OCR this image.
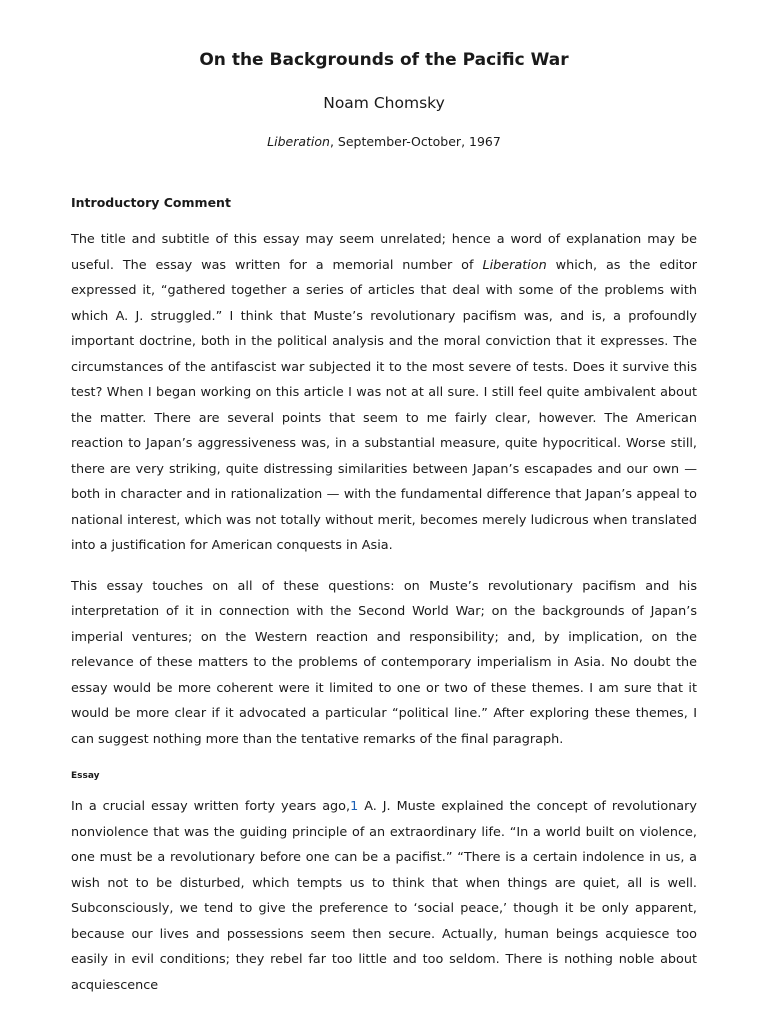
On the Backgrounds of the Pacific War
Noam Chomsky
Liberation, September-October, 1967
Introductory Comment

The title and subtitle of this essay may seem unrelated; hence a word of explanation may be useful. The essay was written for a memorial number of Liberation which, as the editor expressed it, “gathered together a series of articles that deal with some of the problems with which A. J. struggled.” I think that Muste’s revolutionary pacifism was, and is, a profoundly important doctrine, both in the political analysis and the moral conviction that it expresses. The circumstances of the antifascist war subjected it to the most severe of tests. Does it survive this test? When I began working on this article I was not at all sure. I still feel quite ambivalent about the matter. There are several points that seem to me fairly clear, however. The American reaction to Japan’s aggressiveness was, in a substantial measure, quite hypocritical. Worse still, there are very striking, quite distressing similarities between Japan’s escapades and our own — both in character and in rationalization — with the fundamental difference that Japan’s appeal to national interest, which was not totally without merit, becomes merely ludicrous when translated into a justification for American conquests in Asia.

This essay touches on all of these questions: on Muste’s revolutionary pacifism and his interpretation of it in connection with the Second World War; on the backgrounds of Japan’s imperial ventures; on the Western reaction and responsibility; and, by implication, on the relevance of these matters to the problems of contemporary imperialism in Asia. No doubt the essay would be more coherent were it limited to one or two of these themes. I am sure that it would be more clear if it advocated a particular “political line.” After exploring these themes, I can suggest nothing more than the tentative remarks of the final paragraph.

Essay

In a crucial essay written forty years ago,1 A. J. Muste explained the concept of revolutionary nonviolence that was the guiding principle of an extraordinary life. “In a world built on violence, one must be a revolutionary before one can be a pacifist.” “There is a certain indolence in us, a wish not to be disturbed, which tempts us to think that when things are quiet, all is well. Subconsciously, we tend to give the preference to ‘social peace,’ though it be only apparent, because our lives and possessions seem then secure. Actually, human beings acquiesce too easily in evil conditions; they rebel far too little and too seldom. There is nothing noble about acquiescence
